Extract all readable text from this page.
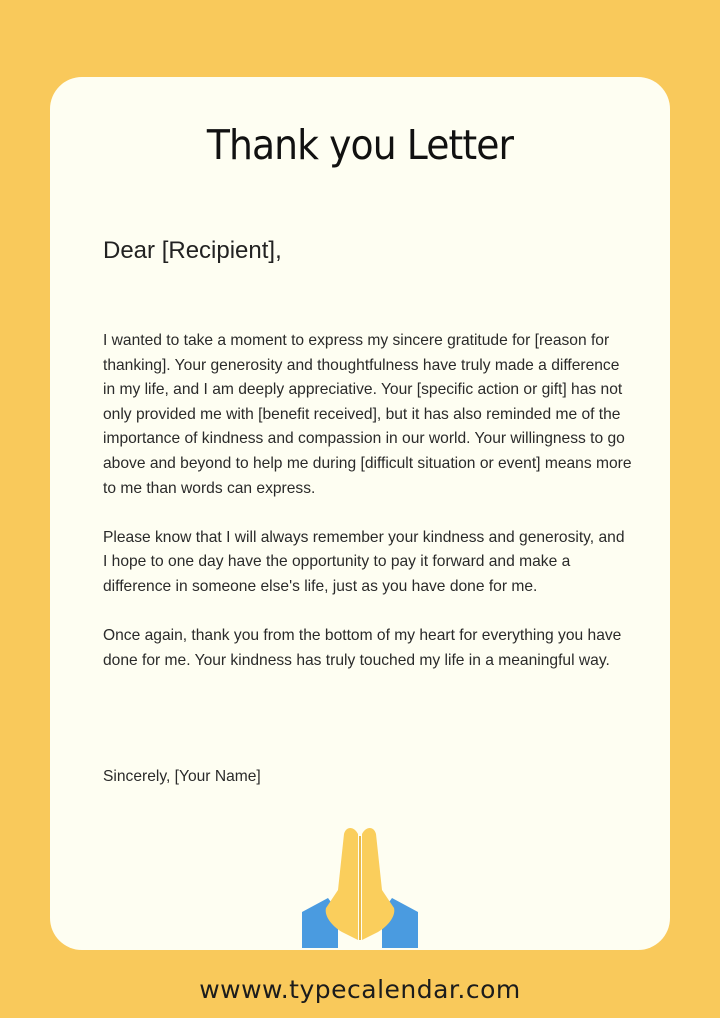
Thank you Letter
Dear [Recipient],

I wanted to take a moment to express my sincere gratitude for [reason for thanking]. Your generosity and thoughtfulness have truly made a difference in my life, and I am deeply appreciative. Your [specific action or gift] has not only provided me with [benefit received], but it has also reminded me of the importance of kindness and compassion in our world. Your willingness to go above and beyond to help me during [difficult situation or event] means more to me than words can express.

Please know that I will always remember your kindness and generosity, and I hope to one day have the opportunity to pay it forward and make a difference in someone else's life, just as you have done for me.

Once again, thank you from the bottom of my heart for everything you have done for me. Your kindness has truly touched my life in a meaningful way.

Sincerely, [Your Name]
wwww.typecalendar.com
